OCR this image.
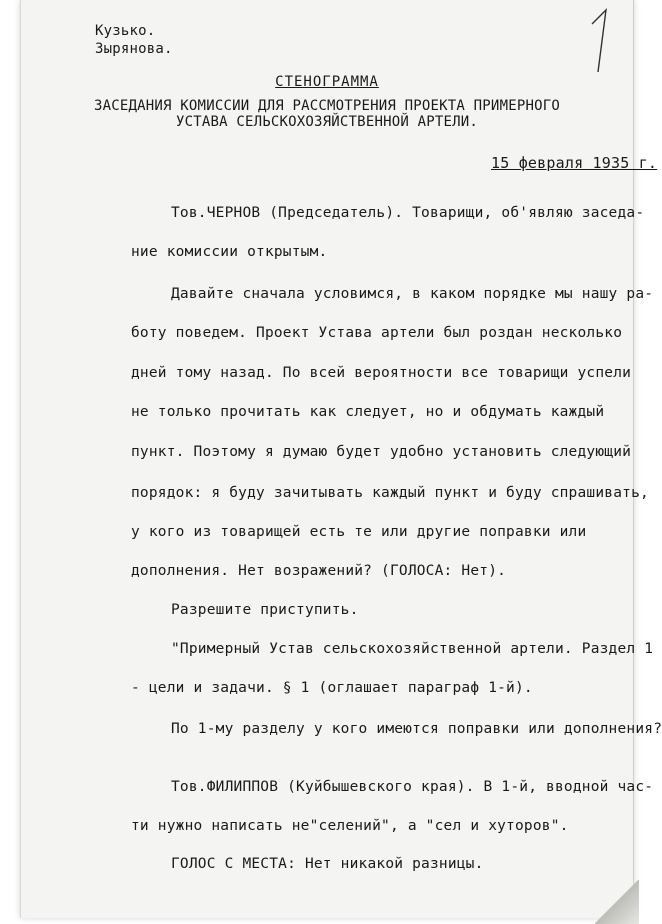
Кузько.
Зырянова.
СТЕНОГРАММА
ЗАСЕДАНИЯ КОМИССИИ ДЛЯ РАССМОТРЕНИЯ ПРОЕКТА ПРИМЕРНОГО
УСТАВА СЕЛЬСКОХОЗЯЙСТВЕННОЙ АРТЕЛИ.
15 февраля 1935 г.
Тов.ЧЕРНОВ (Председатель). Товарищи, об'являю заседа-
ние комиссии открытым.
Давайте сначала условимся, в каком порядке мы нашу ра-
боту поведем. Проект Устава артели был роздан несколько
дней тому назад. По всей вероятности все товарищи успели
не только прочитать как следует, но и обдумать каждый
пункт. Поэтому я думаю будет удобно установить следующий
порядок: я буду зачитывать каждый пункт и буду спрашивать,
у кого из товарищей есть те или другие поправки или
дополнения. Нет возражений? (ГОЛОСА: Нет).
Разрешите приступить.
"Примерный Устав сельскохозяйственной артели. Раздел 1
- цели и задачи. § 1 (оглашает параграф 1-й).
По 1-му разделу у кого имеются поправки или дополнения?
Тов.ФИЛИППОВ (Куйбышевского края). В 1-й, вводной час-
ти нужно написать не"селений", а "сел и хуторов".
ГОЛОС С МЕСТА: Нет никакой разницы.
